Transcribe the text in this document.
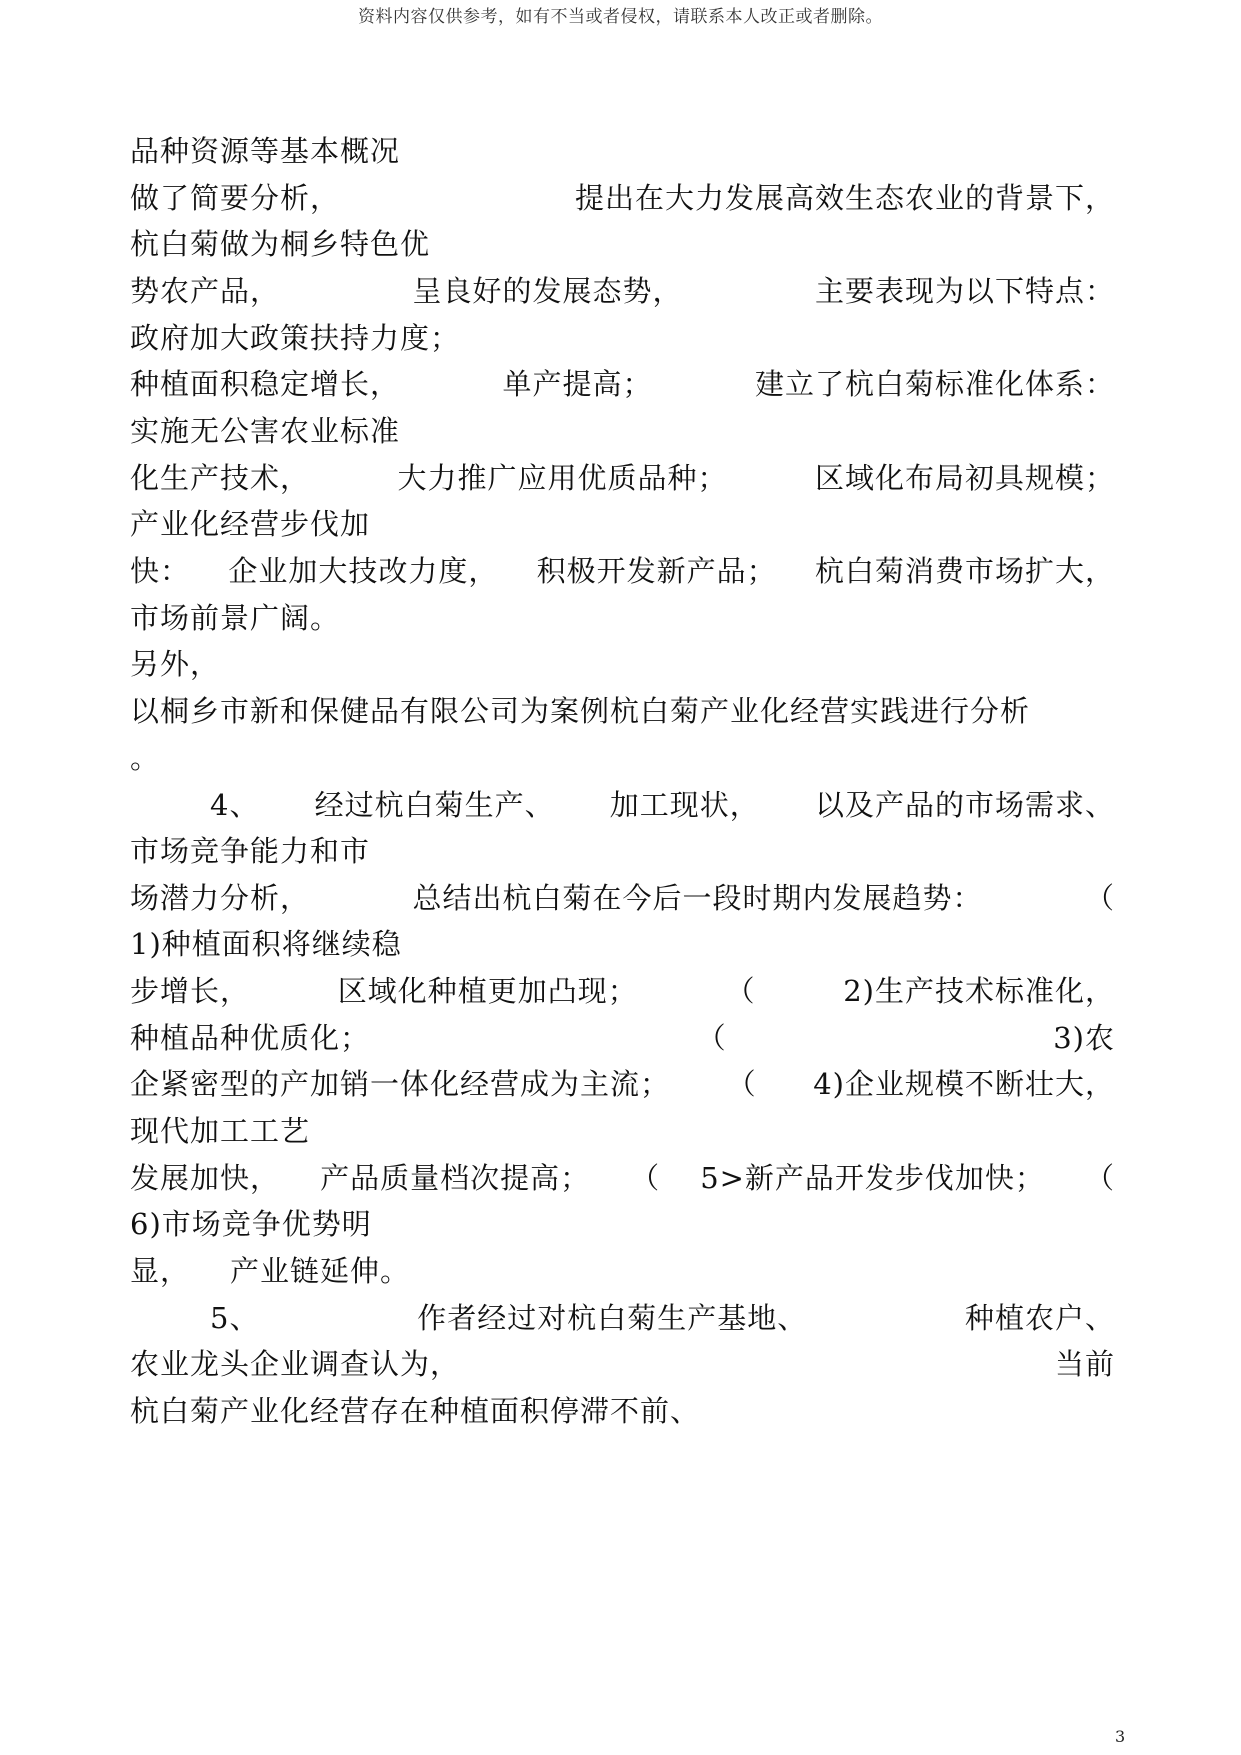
资料内容仅供参考，如有不当或者侵权，请联系本人改正或者删除。
品种资源等基本概况
做了简要分析，	提出在大力发展高效生态农业的背景下，
杭白菊做为桐乡特色优
势农产品，	呈良好的发展态势，	主要表现为以下特点：
政府加大政策扶持力度；
种植面积稳定增长，	单产提高；	建立了杭白菊标准化体系：
实施无公害农业标准
化生产技术，	大力推广应用优质品种；	区域化布局初具规模；
产业化经营步伐加
快： 企业加大技改力度， 积极开发新产品； 杭白菊消费市场扩大，
市场前景广阔。
另外，
以桐乡市新和保健品有限公司为案例杭白菊产业化经营实践进行分析
。
4、 经过杭白菊生产、 加工现状， 以及产品的市场需求、
市场竞争能力和市
场潜力分析，	总结出杭白菊在今后一段时期内发展趋势：	（
1)种植面积将继续稳
步增长，	区域化种植更加凸现；	（	2)生产技术标准化，
种植品种优质化；	（	3)农
企紧密型的产加销一体化经营成为主流； （ 4)企业规模不断壮大，
现代加工工艺
发展加快， 产品质量档次提高； （ 5>新产品开发步伐加快； （
6)市场竞争优势明
显， 产业链延伸。
5、	作者经过对杭白菊生产基地、	种植农户、
农业龙头企业调查认为，	当前
杭白菊产业化经营存在种植面积停滞不前、
3
